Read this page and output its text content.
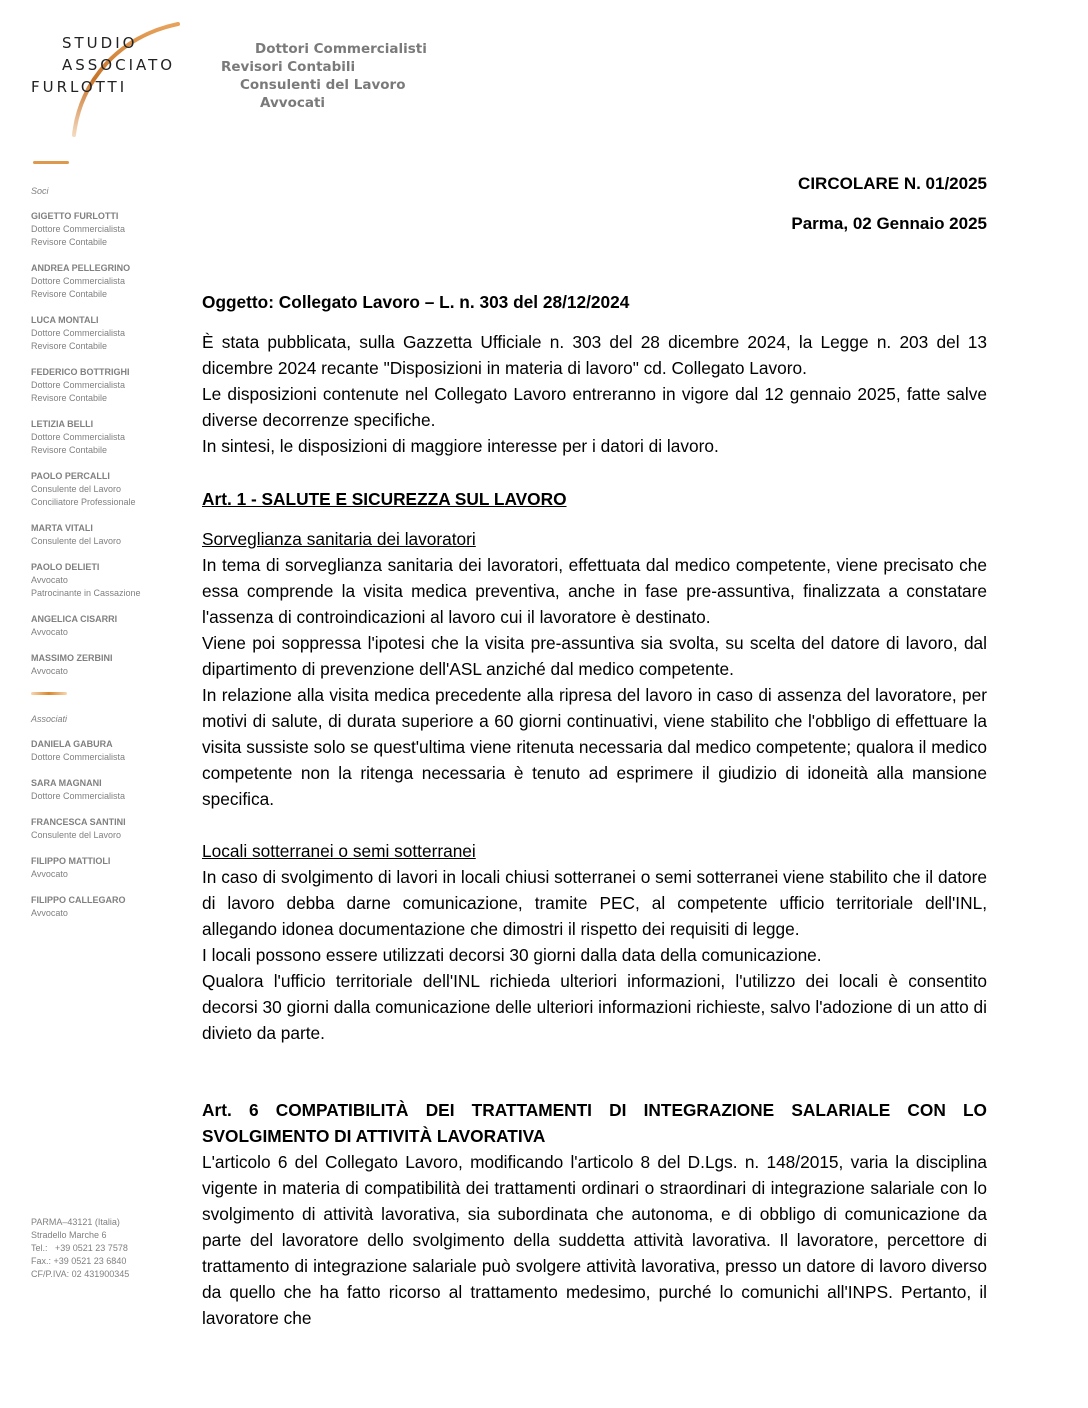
STUDIO
ASSOCIATO
FURLOTTI
Dottori Commercialisti
Revisori Contabili
Consulenti del Lavoro
Avvocati
Soci
GIGETTO FURLOTTI
Dottore Commercialista
Revisore Contabile
ANDREA PELLEGRINO
Dottore Commercialista
Revisore Contabile
LUCA MONTALI
Dottore Commercialista
Revisore Contabile
FEDERICO BOTTRIGHI
Dottore Commercialista
Revisore Contabile
LETIZIA BELLI
Dottore Commercialista
Revisore Contabile
PAOLO PERCALLI
Consulente del Lavoro
Conciliatore Professionale
MARTA VITALI
Consulente del Lavoro
PAOLO DELIETI
Avvocato
Patrocinante in Cassazione
ANGELICA CISARRI
Avvocato
MASSIMO ZERBINI
Avvocato
Associati
DANIELA GABURA
Dottore Commercialista
SARA MAGNANI
Dottore Commercialista
FRANCESCA SANTINI
Consulente del Lavoro
FILIPPO MATTIOLI
Avvocato
FILIPPO CALLEGARO
Avvocato
PARMA–43121 (Italia)
Stradello Marche 6
Tel.:   +39 0521 23 7578
Fax.: +39 0521 23 6840
CF/P.IVA: 02 431900345
CIRCOLARE N. 01/2025
Parma, 02 Gennaio 2025
Oggetto: Collegato Lavoro – L. n. 303 del 28/12/2024

È stata pubblicata, sulla Gazzetta Ufficiale n. 303 del 28 dicembre 2024, la Legge n. 203 del 13 dicembre 2024 recante "Disposizioni in materia di lavoro" cd. Collegato Lavoro.

Le disposizioni contenute nel Collegato Lavoro entreranno in vigore dal 12 gennaio 2025, fatte salve diverse decorrenze specifiche.

In sintesi, le disposizioni di maggiore interesse per i datori di lavoro.

Art. 1 - SALUTE E SICUREZZA SUL LAVORO

Sorveglianza sanitaria dei lavoratori

In tema di sorveglianza sanitaria dei lavoratori, effettuata dal medico competente, viene precisato che essa comprende la visita medica preventiva, anche in fase pre-assuntiva, finalizzata a constatare l'assenza di controindicazioni al lavoro cui il lavoratore è destinato.

Viene poi soppressa l'ipotesi che la visita pre-assuntiva sia svolta, su scelta del datore di lavoro, dal dipartimento di prevenzione dell'ASL anziché dal medico competente.

In relazione alla visita medica precedente alla ripresa del lavoro in caso di assenza del lavoratore, per motivi di salute, di durata superiore a 60 giorni continuativi, viene stabilito che l'obbligo di effettuare la visita sussiste solo se quest'ultima viene ritenuta necessaria dal medico competente; qualora il medico competente non la ritenga necessaria è tenuto ad esprimere il giudizio di idoneità alla mansione specifica.

Locali sotterranei o semi sotterranei

In caso di svolgimento di lavori in locali chiusi sotterranei o semi sotterranei viene stabilito che il datore di lavoro debba darne comunicazione, tramite PEC, al competente ufficio territoriale dell'INL, allegando idonea documentazione che dimostri il rispetto dei requisiti di legge.

I locali possono essere utilizzati decorsi 30 giorni dalla data della comunicazione.

Qualora l'ufficio territoriale dell'INL richieda ulteriori informazioni, l'utilizzo dei locali è consentito decorsi 30 giorni dalla comunicazione delle ulteriori informazioni richieste, salvo l'adozione di un atto di divieto da parte.

Art. 6 COMPATIBILITÀ DEI TRATTAMENTI DI INTEGRAZIONE SALARIALE CON LO SVOLGIMENTO DI ATTIVITÀ LAVORATIVA

L'articolo 6 del Collegato Lavoro, modificando l'articolo 8 del D.Lgs. n. 148/2015, varia la disciplina vigente in materia di compatibilità dei trattamenti ordinari o straordinari di integrazione salariale con lo svolgimento di attività lavorativa, sia subordinata che autonoma, e di obbligo di comunicazione da parte del lavoratore dello svolgimento della suddetta attività lavorativa. Il lavoratore, percettore di trattamento di integrazione salariale può svolgere attività lavorativa, presso un datore di lavoro diverso da quello che ha fatto ricorso al trattamento medesimo, purché lo comunichi all'INPS. Pertanto, il lavoratore che
